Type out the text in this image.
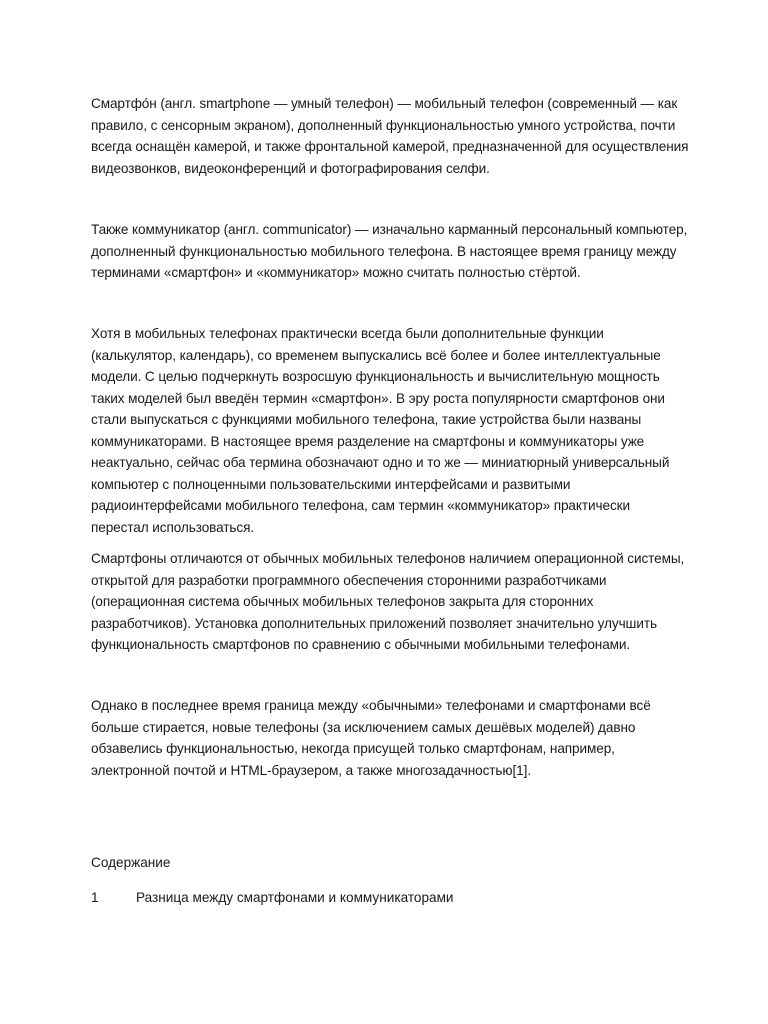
Смартфо́н (англ. smartphone — умный телефон) — мобильный телефон (современный — как правило, с сенсорным экраном), дополненный функциональностью умного устройства, почти всегда оснащён камерой, и также фронтальной камерой, предназначенной для осуществления видеозвонков, видеоконференций и фотографирования селфи.

Также коммуникатор (англ. communicator) — изначально карманный персональный компьютер, дополненный функциональностью мобильного телефона. В настоящее время границу между терминами «смартфон» и «коммуникатор» можно считать полностью стёртой.

Хотя в мобильных телефонах практически всегда были дополнительные функции (калькулятор, календарь), со временем выпускались всё более и более интеллектуальные модели. С целью подчеркнуть возросшую функциональность и вычислительную мощность таких моделей был введён термин «смартфон». В эру роста популярности смартфонов они стали выпускаться с функциями мобильного телефона, такие устройства были названы коммуникаторами. В настоящее время разделение на смартфоны и коммуникаторы уже неактуально, сейчас оба термина обозначают одно и то же — миниатюрный универсальный компьютер с полноценными пользовательскими интерфейсами и развитыми радиоинтерфейсами мобильного телефона, сам термин «коммуникатор» практически перестал использоваться.

Смартфоны отличаются от обычных мобильных телефонов наличием операционной системы, открытой для разработки программного обеспечения сторонними разработчиками (операционная система обычных мобильных телефонов закрыта для сторонних разработчиков). Установка дополнительных приложений позволяет значительно улучшить функциональность смартфонов по сравнению с обычными мобильными телефонами.

Однако в последнее время граница между «обычными» телефонами и смартфонами всё больше стирается, новые телефоны (за исключением самых дешёвых моделей) давно обзавелись функциональностью, некогда присущей только смартфонам, например, электронной почтой и HTML-браузером, а также многозадачностью[1].

Содержание
1	Разница между смартфонами и коммуникаторами
